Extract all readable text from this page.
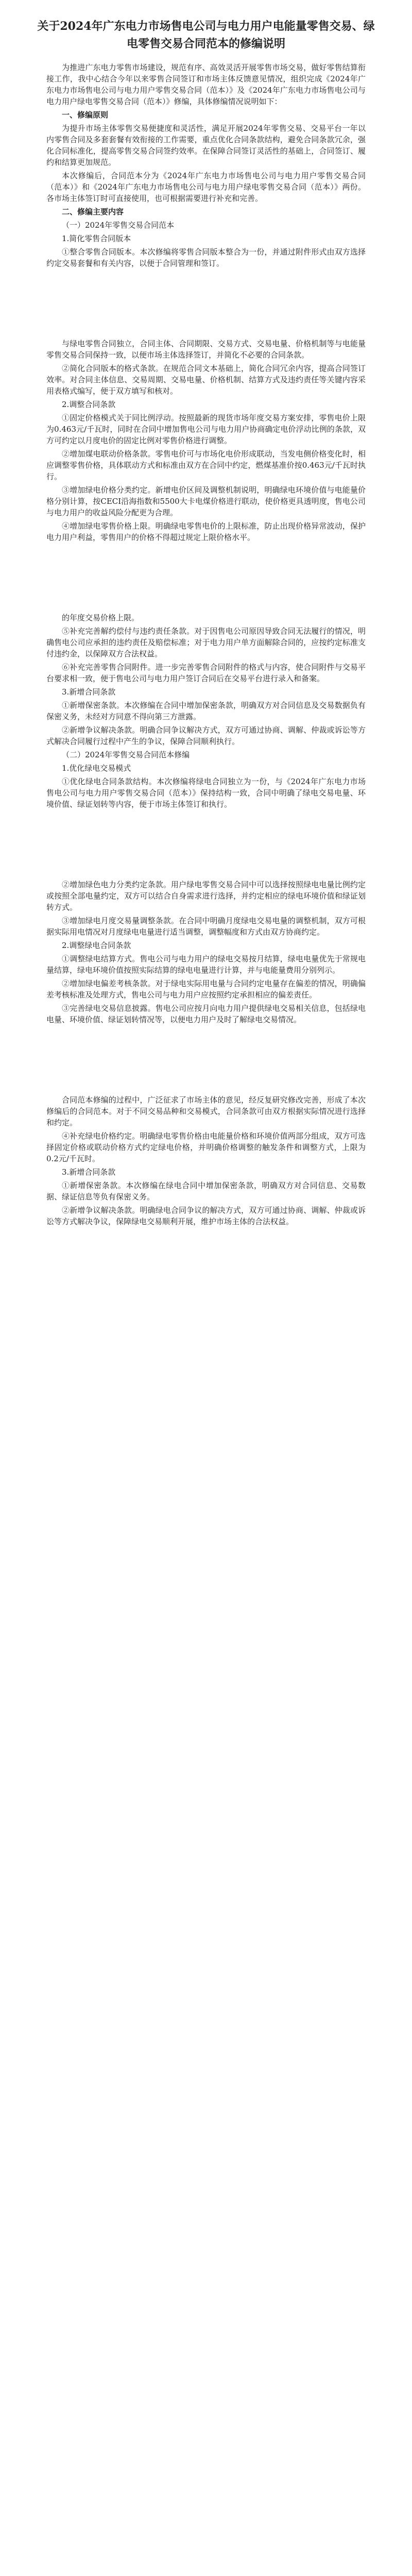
关于2024年广东电力市场售电公司与电力用户电能量零售交易、绿电零售交易合同范本的修编说明

为推进广东电力零售市场建设，规范有序、高效灵活开展零售市场交易，做好零售结算衔接工作，我中心结合今年以来零售合同签订和市场主体反馈意见情况，组织完成《2024年广东电力市场售电公司与电力用户零售交易合同（范本）》及《2024年广东电力市场售电公司与电力用户绿电零售交易合同（范本）》修编，具体修编情况说明如下：

一、修编原则

为提升市场主体零售交易便捷度和灵活性，满足开展2024年零售交易、交易平台一年以内零售合同及多套套餐有效衔接的工作需要，重点优化合同条款结构，避免合同条款冗余，强化合同标准化，提高零售交易合同签约效率。在保障合同签订灵活性的基础上，合同签订、履约和结算更加规范。

本次修编后，合同范本分为《2024年广东电力市场售电公司与电力用户零售交易合同（范本）》和《2024年广东电力市场售电公司与电力用户绿电零售交易合同（范本）》两份。各市场主体签订时可直接使用，也可根据需要进行补充和完善。

二、修编主要内容

（一）2024年零售交易合同范本

1.简化零售合同版本

①整合零售合同版本。本次修编将零售合同版本整合为一份，并通过附件形式由双方选择约定交易套餐和有关内容，以便于合同管理和签订。

与绿电零售合同独立，合同主体、合同期限、交易方式、交易电量、价格机制等与电能量零售交易合同保持一致，以便市场主体选择签订，并简化不必要的合同条款。

②简化合同版本的格式条款。在规范合同文本基础上，简化合同冗余内容，提高合同签订效率。对合同主体信息、交易周期、交易电量、价格机制、结算方式及违约责任等关键内容采用表格式编写，便于双方填写和核对。

2.调整合同条款

①固定价格模式关于同比例浮动。按照最新的现货市场年度交易方案安排，零售电价上限为0.463元/千瓦时，同时在合同中增加售电公司与电力用户协商确定电价浮动比例的条款，双方可约定以月度电价的固定比例对零售价格进行调整。

②增加煤电联动价格条款。零售电价可与市场化电价形成联动，当发电侧价格变化时，相应调整零售价格，具体联动方式和标准由双方在合同中约定，燃煤基准价按0.463元/千瓦时执行。

③增加绿电价格分类约定。新增电价区间及调整机制说明，明确绿电环境价值与电能量价格分别计算，按CECI沿海指数和5500大卡电煤价格进行联动，使价格更具透明度，售电公司与电力用户的收益风险分配更为合理。

④增加绿电零售价格上限。明确绿电零售电价的上限标准，防止出现价格异常波动，保护电力用户利益，零售用户的价格不得超过规定上限价格水平。

的年度交易价格上限。

⑤补充完善解约偿付与违约责任条款。对于因售电公司原因导致合同无法履行的情况，明确售电公司应承担的违约责任及赔偿标准；对于电力用户单方面解除合同的，应按约定标准支付违约金，以保障双方合法权益。

⑥补充完善零售合同附件。进一步完善零售合同附件的格式与内容，使合同附件与交易平台要求相一致，便于售电公司与电力用户签订合同后在交易平台进行录入和备案。

3.新增合同条款

①新增保密条款。本次修编在合同中增加保密条款，明确双方对合同信息及交易数据负有保密义务，未经对方同意不得向第三方泄露。

②新增争议解决条款。明确合同争议解决方式，双方可通过协商、调解、仲裁或诉讼等方式解决合同履行过程中产生的争议，保障合同顺利执行。

（二）2024年零售交易合同范本修编

1.优化绿电交易模式

①优化绿电合同条款结构。本次修编将绿电合同独立为一份，与《2024年广东电力市场售电公司与电力用户零售交易合同（范本）》保持结构一致，合同中明确了绿电交易电量、环境价值、绿证划转等内容，便于市场主体签订和执行。

②增加绿色电力分类约定条款。用户绿电零售交易合同中可以选择按照绿电电量比例约定或按照全部电量约定，双方可以结合自身需求进行选择，并约定相应的绿电环境价值和绿证划转方式。

③增加绿电月度交易量调整条款。在合同中明确月度绿电交易电量的调整机制，双方可根据实际用电情况对月度绿电电量进行适当调整，调整幅度和方式由双方协商约定。

2.调整绿电合同条款

①调整绿电结算方式。售电公司与电力用户的绿电交易按月结算，绿电电量优先于常规电量结算，绿电环境价值按照实际结算的绿电电量进行计算，并与电能量费用分别列示。

②增加绿电偏差考核条款。对于绿电实际用电量与合同约定电量存在偏差的情况，明确偏差考核标准及处理方式，售电公司与电力用户应按照约定承担相应的偏差责任。

③完善绿电交易信息披露。售电公司应按月向电力用户提供绿电交易相关信息，包括绿电电量、环境价值、绿证划转情况等，以便电力用户及时了解绿电交易情况。

合同范本修编的过程中，广泛征求了市场主体的意见，经反复研究修改完善，形成了本次修编后的合同范本。对于不同交易品种和交易模式，合同条款可由双方根据实际情况进行选择和约定。

④补充绿电价格约定。明确绿电零售价格由电能量价格和环境价值两部分组成，双方可选择固定价格或联动价格方式约定绿电价格，并明确价格调整的触发条件和调整方式，上限为0.2元/千瓦时。

3.新增合同条款

①新增保密条款。本次修编在绿电合同中增加保密条款，明确双方对合同信息、交易数据、绿证信息等负有保密义务。

②新增争议解决条款。明确绿电合同争议的解决方式，双方可通过协商、调解、仲裁或诉讼等方式解决争议，保障绿电交易顺利开展，维护市场主体的合法权益。
